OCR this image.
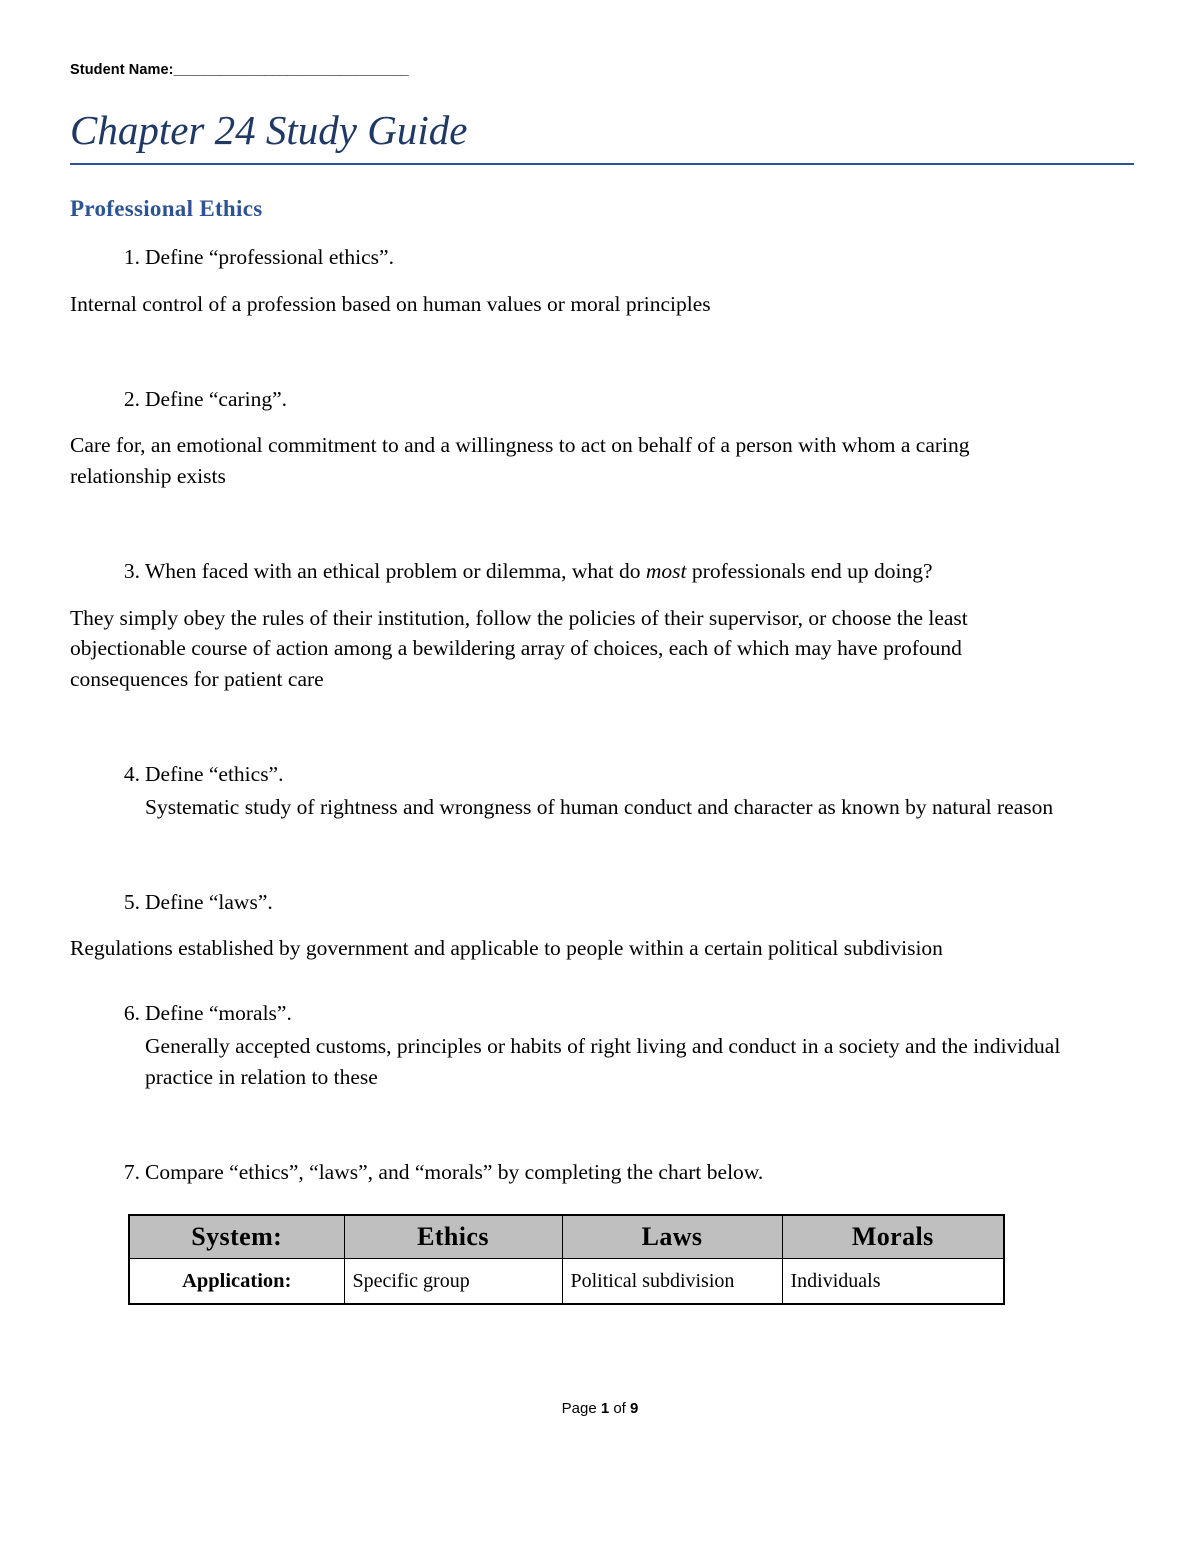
Student Name:_______________________________
Chapter 24 Study Guide
Professional Ethics
1. Define “professional ethics”.
Internal control of a profession based on human values or moral principles
2. Define “caring”.
Care for, an emotional commitment to and a willingness to act on behalf of a person with whom a caring relationship exists
3. When faced with an ethical problem or dilemma, what do most professionals end up doing?
They simply obey the rules of their institution, follow the policies of their supervisor, or choose the least objectionable course of action among a bewildering array of choices, each of which may have profound consequences for patient care
4. Define “ethics”.
Systematic study of rightness and wrongness of human conduct and character as known by natural reason
5. Define “laws”.
Regulations established by government and applicable to people within a certain political subdivision
6. Define “morals”.
Generally accepted customs, principles or habits of right living and conduct in a society and the individual practice in relation to these
7. Compare “ethics”, “laws”, and “morals” by completing the chart below.
System:	Ethics	Laws	Morals
Application:	Specific group	Political subdivision	Individuals
Page 1 of 9
